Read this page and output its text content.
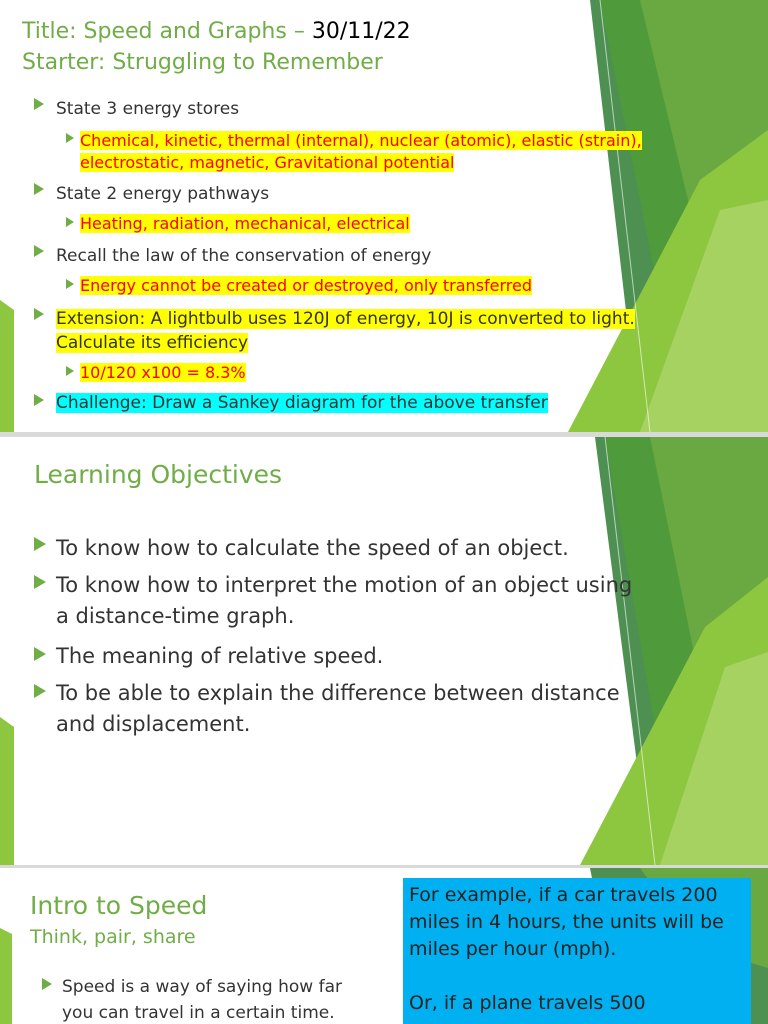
Title: Speed and Graphs – 30/11/22
Starter: Struggling to Remember
State 3 energy stores
Chemical, kinetic, thermal (internal), nuclear (atomic), elastic (strain),
electrostatic, magnetic, Gravitational potential
State 2 energy pathways
Heating, radiation, mechanical, electrical
Recall the law of the conservation of energy
Energy cannot be created or destroyed, only transferred
Extension: A lightbulb uses 120J of energy, 10J is converted to light.
Calculate its efficiency
10/120 x100 = 8.3%
Challenge: Draw a Sankey diagram for the above transfer
Learning Objectives
To know how to calculate the speed of an object.
To know how to interpret the motion of an object using
a distance-time graph.
The meaning of relative speed.
To be able to explain the difference between distance
and displacement.
Intro to Speed
Think, pair, share
Speed is a way of saying how far
you can travel in a certain time.
For example, if a car travels 200
miles in 4 hours, the units will be
miles per hour (mph).
Or, if a plane travels 500
